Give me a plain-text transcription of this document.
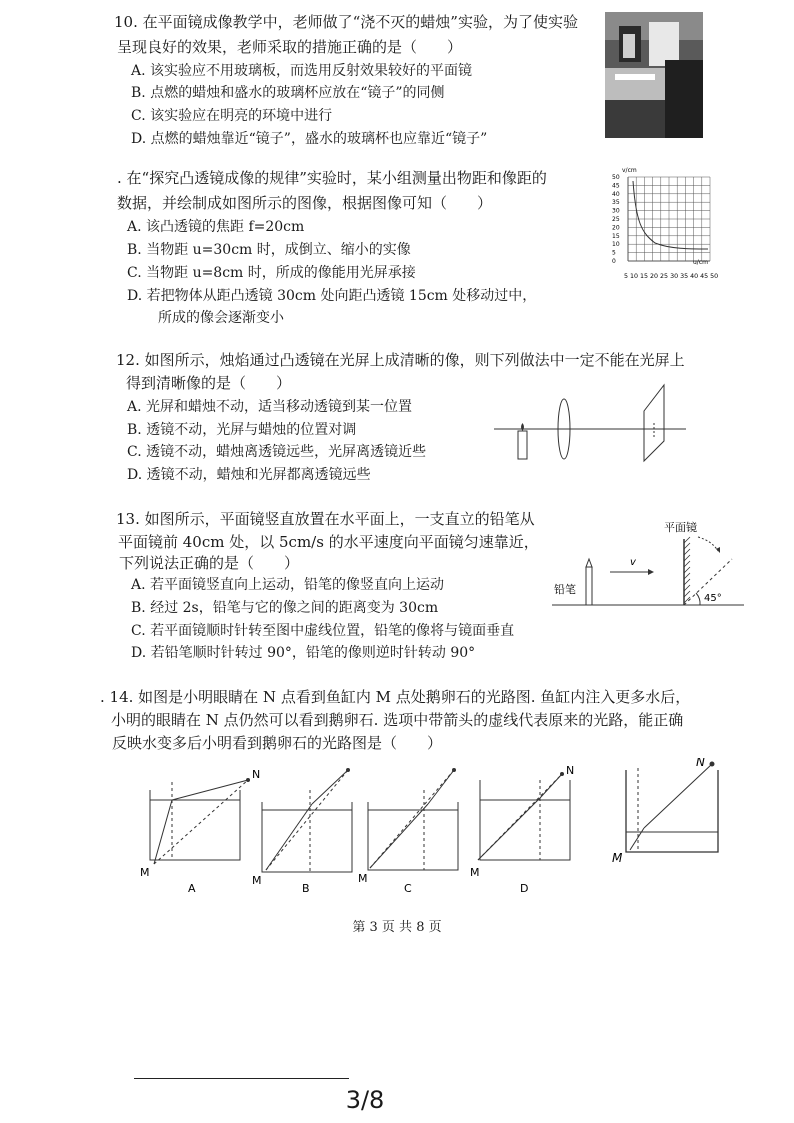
10. 在平面镜成像教学中，老师做了“浇不灭的蜡烛”实验，为了使实验
呈现良好的效果，老师采取的措施正确的是（　　）
A. 该实验应不用玻璃板，而选用反射效果较好的平面镜
B. 点燃的蜡烛和盛水的玻璃杯应放在“镜子”的同侧
C. 该实验应在明亮的环境中进行
D. 点燃的蜡烛靠近“镜子”，盛水的玻璃杯也应靠近“镜子”
. 在“探究凸透镜成像的规律”实验时，某小组测量出物距和像距的
数据，并绘制成如图所示的图像，根据图像可知（　　）
A. 该凸透镜的焦距 f=20cm
B. 当物距 u=30cm 时，成倒立、缩小的实像
C. 当物距 u=8cm 时，所成的像能用光屏承接
D. 若把物体从距凸透镜 30cm 处向距凸透镜 15cm 处移动过中，
所成的像会逐渐变小
v/cm
u/cm
5 10 15 20 25 30 35 40 45 50
50
45
40
35
30
25
20
15
10
5
0
12. 如图所示，烛焰通过凸透镜在光屏上成清晰的像，则下列做法中一定不能在光屏上
得到清晰像的是（　　）
A. 光屏和蜡烛不动，适当移动透镜到某一位置
B. 透镜不动，光屏与蜡烛的位置对调
C. 透镜不动，蜡烛离透镜远些，光屏离透镜近些
D. 透镜不动，蜡烛和光屏都离透镜远些
13. 如图所示，平面镜竖直放置在水平面上，一支直立的铅笔从
平面镜前 40cm 处，以 5cm/s 的水平速度向平面镜匀速靠近，
下列说法正确的是（　　）
A. 若平面镜竖直向上运动，铅笔的像竖直向上运动
B. 经过 2s，铅笔与它的像之间的距离变为 30cm
C. 若平面镜顺时针转至图中虚线位置，铅笔的像将与镜面垂直
D. 若铅笔顺时针转过 90°，铅笔的像则逆时针转动 90°
平面镜
铅笔
v
45°
. 14. 如图是小明眼睛在 N 点看到鱼缸内 M 点处鹅卵石的光路图. 鱼缸内注入更多水后，
小明的眼睛在 N 点仍然可以看到鹅卵石. 选项中带箭头的虚线代表原来的光路，能正确
反映水变多后小明看到鹅卵石的光路图是（　　）
N
M
A
M
B
M
C
N
M
D
N
M
第 3 页 共 8 页
3/8
